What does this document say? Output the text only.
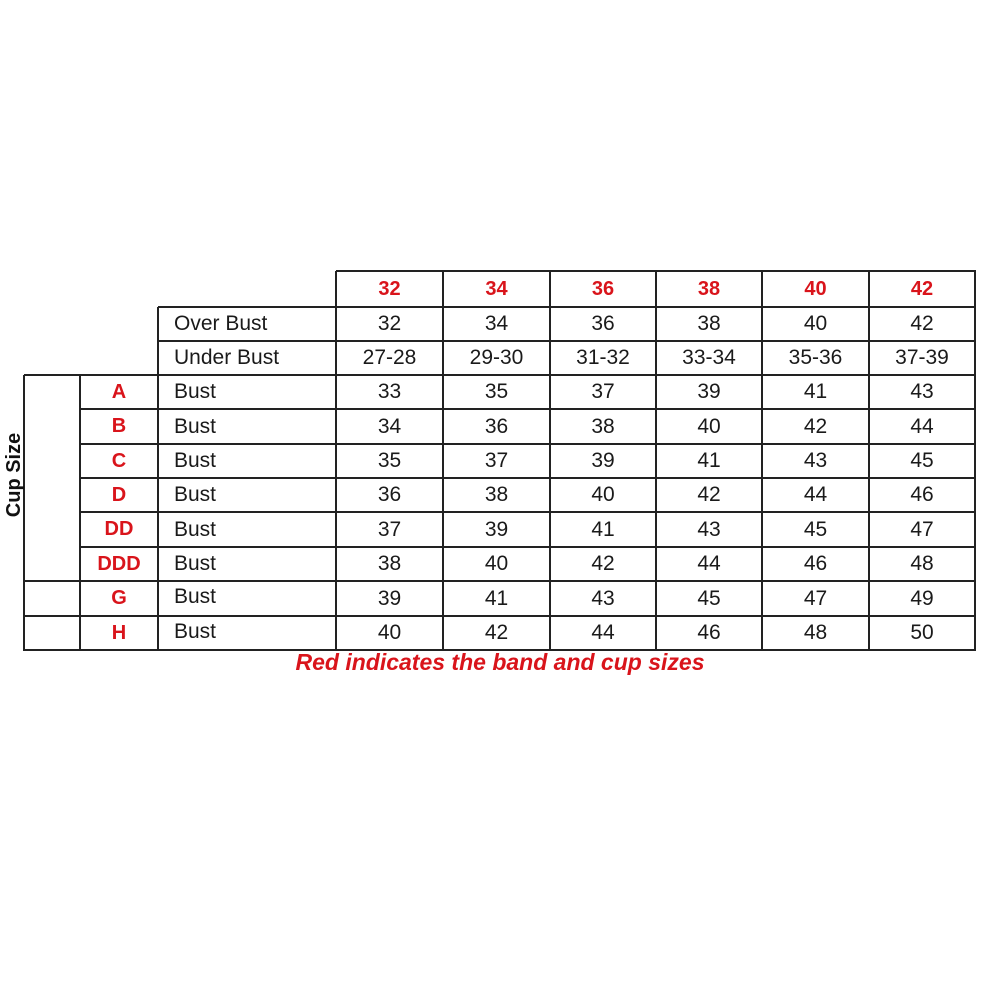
32	34	36	38	40	42
Over Bust	32	34	36	38	40	42
Under Bust	27-28	29-30	31-32	33-34	35-36	37-39
A	Bust	33	35	37	39	41	43
B	Bust	34	36	38	40	42	44
C	Bust	35	37	39	41	43	45
D	Bust	36	38	40	42	44	46
DD	Bust	37	39	41	43	45	47
DDD	Bust	38	40	42	44	46	48
G	Bust	39	41	43	45	47	49
H	Bust	40	42	44	46	48	50
Cup Size
Red indicates the band and cup sizes
